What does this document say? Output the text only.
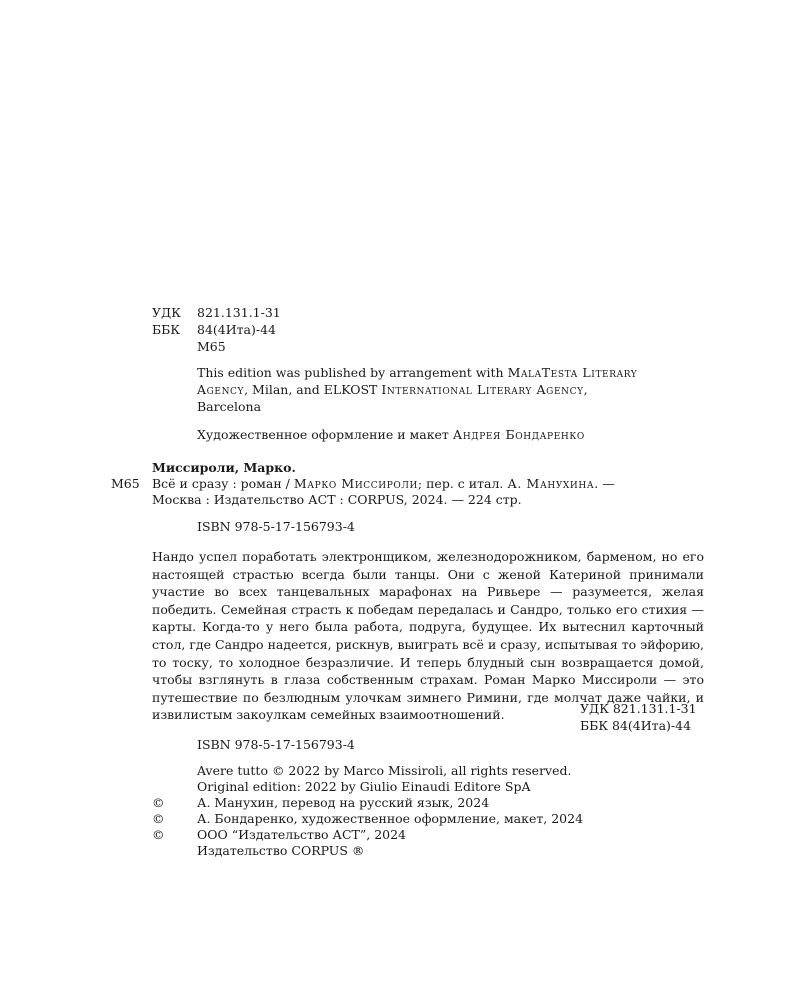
УДК 821.131.1-31
ББК 84(4Ита)-44
М65
This edition was published by arrangement with MalaTesta Literary
Agency, Milan, and ELKOST International Literary Agency,
Barcelona
Художественное оформление и макет Андрея Бондаренко
Миссироли, Марко.
М65 Всё и сразу : роман / Марко Миссироли; пер. с итал. А. Манухина. —
Москва : Издательство АСТ : CORPUS, 2024. — 224 стр.
ISBN 978-5-17-156793-4
Нандо успел поработать электронщиком, железнодорожником, барменом, но его настоящей страстью всегда были танцы. Они с женой Катериной принимали участие во всех танцевальных марафонах на Ривьере — разумеется, желая победить. Семейная страсть к победам передалась и Сандро, только его стихия — карты. Когда-то у него была работа, подруга, будущее. Их вытеснил карточный стол, где Сандро надеется, рискнув, выиграть всё и сразу, испытывая то эйфорию, то тоску, то холодное безразличие. И теперь блудный сын возвращается домой, чтобы взглянуть в глаза собственным страхам. Роман Марко Миссироли — это путешествие по безлюдным улочкам зимнего Римини, где молчат даже чайки, и извилистым закоулкам семейных взаимоотношений.	УДК 821.131.1-31
ББК 84(4Ита)-44
ISBN 978-5-17-156793-4
Avere tutto © 2022 by Marco Missiroli, all rights reserved.
Original edition: 2022 by Giulio Einaudi Editore SpA
©	А. Манухин, перевод на русский язык, 2024
©	А. Бондаренко, художественное оформление, макет, 2024
©	ООО “Издательство АСТ”, 2024
Издательство CORPUS ®
